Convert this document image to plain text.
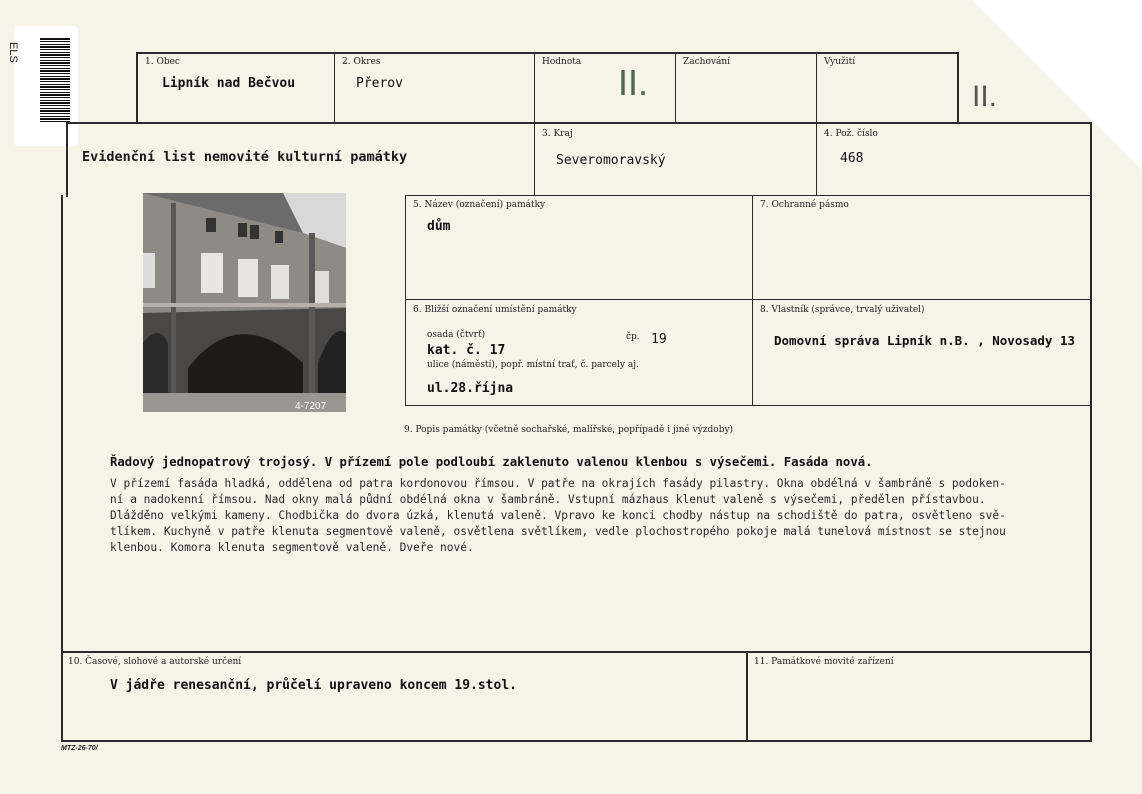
ELS	1. Obec
Lipník nad Bečvou
2. Okres
Přerov
Hodnota II.	Zachování	Využití
II.
Evidenční list nemovité kulturní památky
3. Kraj
Severomoravský
4. Pož. číslo
468
4-7207
5. Název (označení) památky
dům
7. Ochranné pásmo
6. Bližší označení umístění památky
osada (čtvrť)	čp. 19
kat. č. 17
ulice (náměstí), popř. místní trať, č. parcely aj.
ul.28.října
8. Vlastník (správce, trvalý uživatel)
Domovní správa Lipník n.B. , Novosady 13
9. Popis památky (včetně sochařské, malířské, popřípadě i jiné výzdoby)
Řadový jednopatrový trojosý. V přízemí pole podloubí zaklenuto valenou klenbou s výsečemi. Fasáda nová.
V přízemí fasáda hladká, oddělena od patra kordonovou římsou. V patře na okrajích fasády pilastry. Okna obdélná v šambráně s podoken-
ní a nadokenní římsou. Nad okny malá půdní obdélná okna v šambráně. Vstupní mázhaus klenut valeně s výsečemi, předělen přístavbou.
Dlážděno velkými kameny. Chodbička do dvora úzká, klenutá valeně. Vpravo ke konci chodby nástup na schodiště do patra, osvětleno svě-
tlíkem. Kuchyně v patře klenuta segmentově valeně, osvětlena světlíkem, vedle plochostropého pokoje malá tunelová místnost se stejnou
klenbou. Komora klenuta segmentově valeně. Dveře nové.
10. Časové, slohové a autorské určení
V jádře renesanční, průčelí upraveno koncem 19.stol.
11. Památkové movité zařízení
MTZ-26-70/
